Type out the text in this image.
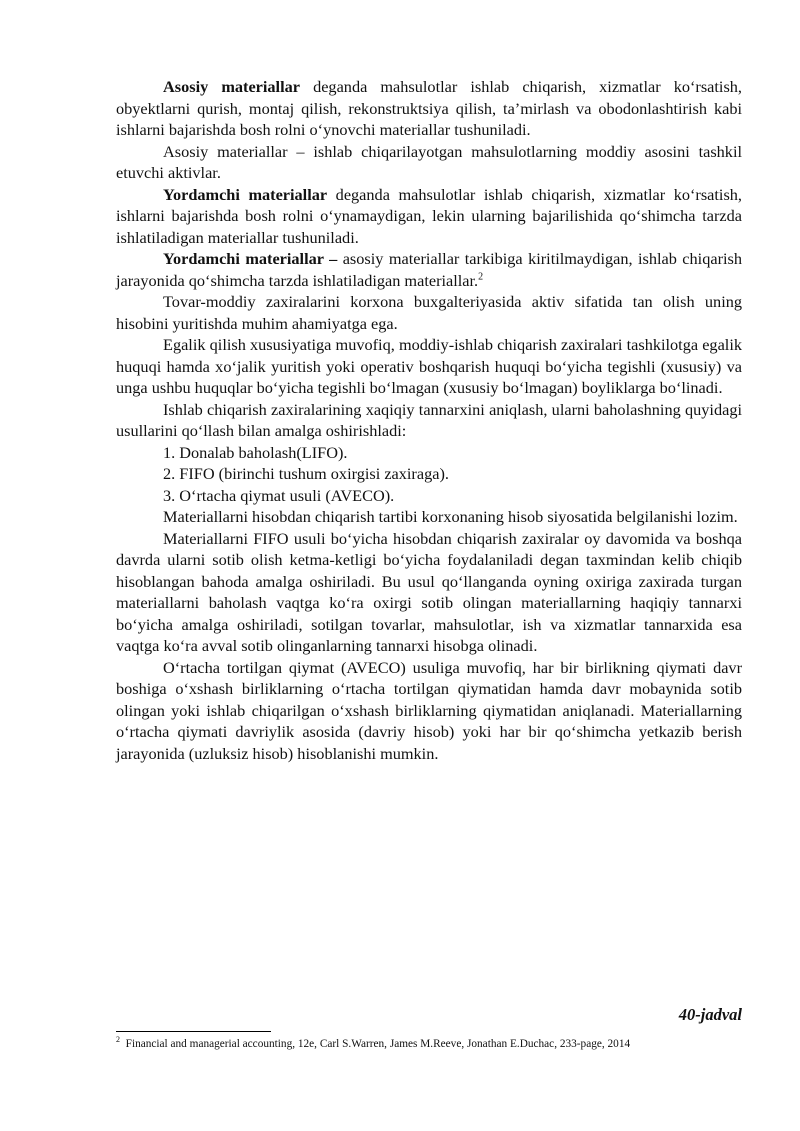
Asosiy materiallar deganda mahsulotlar ishlab chiqarish, xizmatlar ko‘rsatish, obyektlarni qurish, montaj qilish, rekonstruktsiya qilish, ta’mirlash va obodonlashtirish kabi ishlarni bajarishda bosh rolni o‘ynovchi materiallar tushuniladi.

Asosiy materiallar – ishlab chiqarilayotgan mahsulotlarning moddiy asosini tashkil etuvchi aktivlar.

Yordamchi materiallar deganda mahsulotlar ishlab chiqarish, xizmatlar ko‘rsatish, ishlarni bajarishda bosh rolni o‘ynamaydigan, lekin ularning bajarilishida qo‘shimcha tarzda ishlatiladigan materiallar tushuniladi.

Yordamchi materiallar – asosiy materiallar tarkibiga kiritilmaydigan, ishlab chiqarish jarayonida qo‘shimcha tarzda ishlatiladigan materiallar.$^2$

Tovar-moddiy zaxiralarini korxona buxgalteriyasida aktiv sifatida tan olish uning hisobini yuritishda muhim ahamiyatga ega.

Egalik qilish xususiyatiga muvofiq, moddiy-ishlab chiqarish zaxiralari tashkilotga egalik huquqi hamda xo‘jalik yuritish yoki operativ boshqarish huquqi bo‘yicha tegishli (xususiy) va unga ushbu huquqlar bo‘yicha tegishli bo‘lmagan (xususiy bo‘lmagan) boyliklarga bo‘linadi.

Ishlab chiqarish zaxiralarining xaqiqiy tannarxini aniqlash, ularni baholashning quyidagi usullarini qo‘llash bilan amalga oshirishladi:

1. Donalab baholash(LIFO).

2. FIFO (birinchi tushum oxirgisi zaxiraga).

3. O‘rtacha qiymat usuli (AVECO).

Materiallarni hisobdan chiqarish tartibi korxonaning hisob siyosatida belgilanishi lozim.

Materiallarni FIFO usuli bo‘yicha hisobdan chiqarish zaxiralar oy davomida va boshqa davrda ularni sotib olish ketma-ketligi bo‘yicha foydalaniladi degan taxmindan kelib chiqib hisoblangan bahoda amalga oshiriladi. Bu usul qo‘llanganda oyning oxiriga zaxirada turgan materiallarni baholash vaqtga ko‘ra oxirgi sotib olingan materiallarning haqiqiy tannarxi bo‘yicha amalga oshiriladi, sotilgan tovarlar, mahsulotlar, ish va xizmatlar tannarxida esa vaqtga ko‘ra avval sotib olinganlarning tannarxi hisobga olinadi.

O‘rtacha tortilgan qiymat (AVECO) usuliga muvofiq, har bir birlikning qiymati davr boshiga o‘xshash birliklarning o‘rtacha tortilgan qiymatidan hamda davr mobaynida sotib olingan yoki ishlab chiqarilgan o‘xshash birliklarning qiymatidan aniqlanadi. Materiallarning o‘rtacha qiymati davriylik asosida (davriy hisob) yoki har bir qo‘shimcha yetkazib berish jarayonida (uzluksiz hisob) hisoblanishi mumkin.

40-jadval
$^2$ Financial and managerial accounting, 12e, Carl S.Warren, James M.Reeve, Jonathan E.Duchac, 233-page, 2014
